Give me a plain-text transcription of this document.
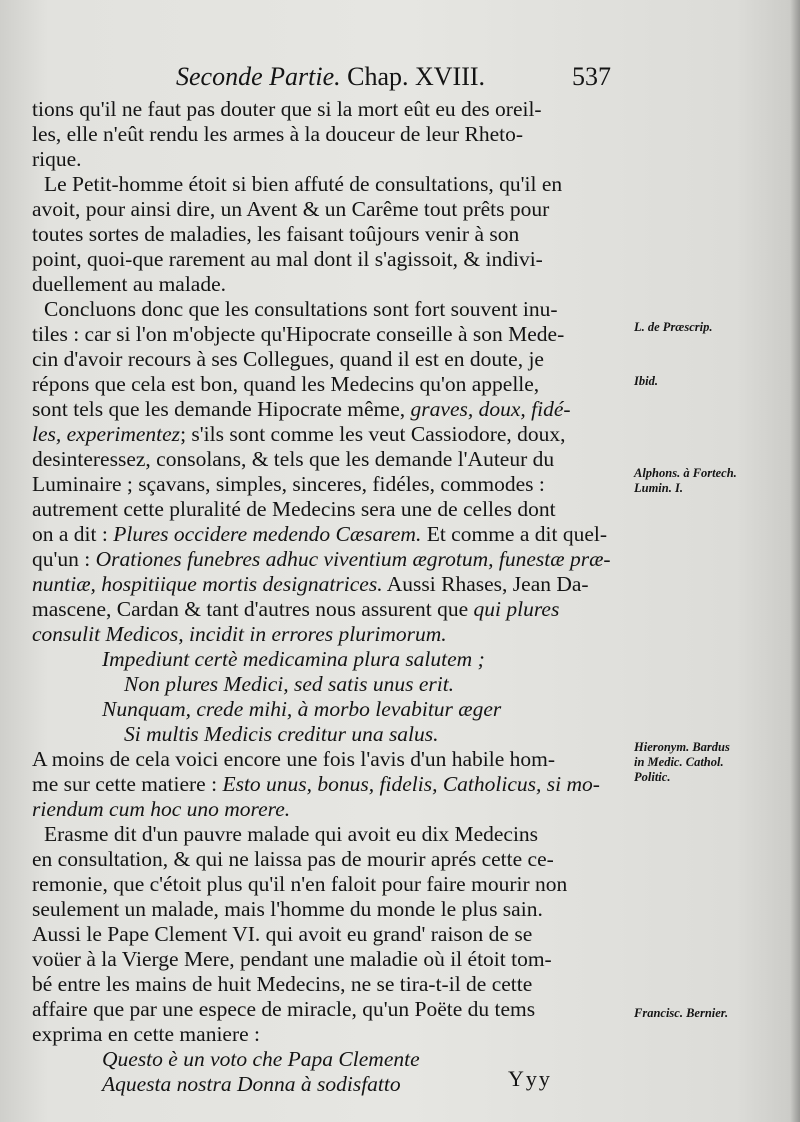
Seconde Partie. Chap. XVIII.	537
tions qu'il ne faut pas douter que si la mort eût eu des oreil-
les, elle n'eût rendu les armes à la douceur de leur Rheto-
rique.
Le Petit-homme étoit si bien affuté de consultations, qu'il en
avoit, pour ainsi dire, un Avent & un Carême tout prêts pour
toutes sortes de maladies, les faisant toûjours venir à son
point, quoi-que rarement au mal dont il s'agissoit, & indivi-
duellement au malade.
Concluons donc que les consultations sont fort souvent inu-
tiles : car si l'on m'objecte qu'Hipocrate conseille à son Mede-
cin d'avoir recours à ses Collegues, quand il est en doute, je
répons que cela est bon, quand les Medecins qu'on appelle,
sont tels que les demande Hipocrate même, graves, doux, fidé-
les, experimentez; s'ils sont comme les veut Cassiodore, doux,
desinteressez, consolans, & tels que les demande l'Auteur du
Luminaire ; sçavans, simples, sinceres, fidéles, commodes :
autrement cette pluralité de Medecins sera une de celles dont
on a dit : Plures occidere medendo Cæsarem. Et comme a dit quel-
qu'un : Orationes funebres adhuc viventium ægrotum, funestæ præ-
nuntiæ, hospitiique mortis designatrices. Aussi Rhases, Jean Da-
mascene, Cardan & tant d'autres nous assurent que qui plures
consulit Medicos, incidit in errores plurimorum.
Impediunt certè medicamina plura salutem ;
Non plures Medici, sed satis unus erit.
Nunquam, crede mihi, à morbo levabitur æger
Si multis Medicis creditur una salus.
A moins de cela voici encore une fois l'avis d'un habile hom-
me sur cette matiere : Esto unus, bonus, fidelis, Catholicus, si mo-
riendum cum hoc uno morere.
Erasme dit d'un pauvre malade qui avoit eu dix Medecins
en consultation, & qui ne laissa pas de mourir aprés cette ce-
remonie, que c'étoit plus qu'il n'en faloit pour faire mourir non
seulement un malade, mais l'homme du monde le plus sain.
Aussi le Pape Clement VI. qui avoit eu grand' raison de se
voüer à la Vierge Mere, pendant une maladie où il étoit tom-
bé entre les mains de huit Medecins, ne se tira-t-il de cette
affaire que par une espece de miracle, qu'un Poëte du tems
exprima en cette maniere :
Questo è un voto che Papa Clemente
Aquesta nostra Donna à sodisfatto
L. de Præscrip.
Ibid.
Alphons. à Fortech.
Lumin. I.
Hieronym. Bardus
in Medic. Cathol.
Politic.
Francisc. Bernier.
Yyy
